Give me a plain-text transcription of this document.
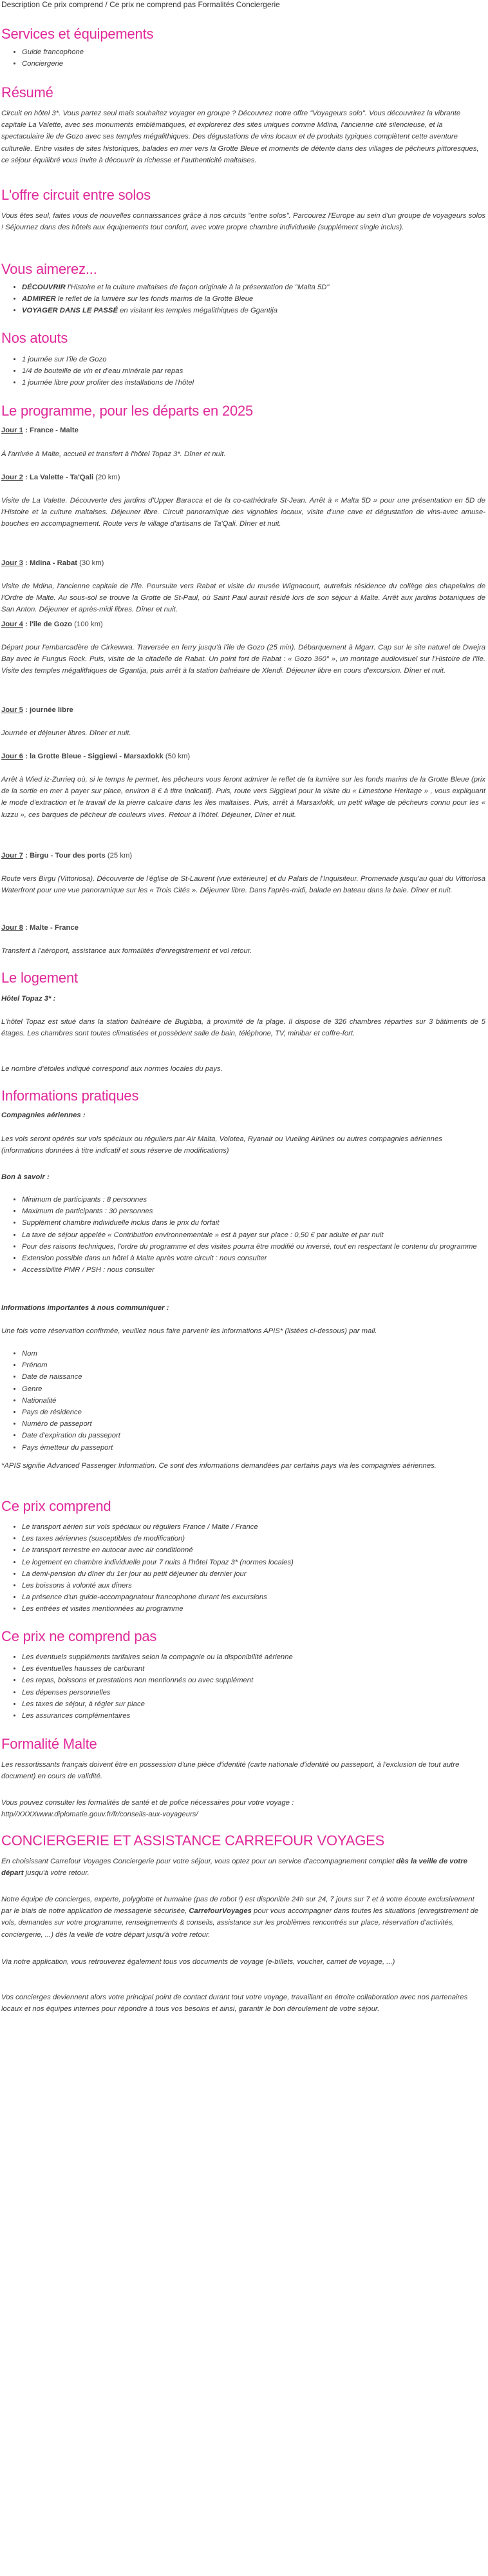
Description Ce prix comprend / Ce prix ne comprend pas Formalités Conciergerie
Services et équipements
• Guide francophone
• Conciergerie
Résumé

Circuit en hôtel 3*. Vous partez seul mais souhaitez voyager en groupe ? Découvrez notre offre "Voyageurs solo". Vous découvrirez la vibrante capitale La Valette, avec ses monuments emblématiques, et explorerez des sites uniques comme Mdina, l'ancienne cité silencieuse, et la spectaculaire île de Gozo avec ses temples mégalithiques. Des dégustations de vins locaux et de produits typiques complètent cette aventure culturelle. Entre visites de sites historiques, balades en mer vers la Grotte Bleue et moments de détente dans des villages de pêcheurs pittoresques, ce séjour équilibré vous invite à découvrir la richesse et l'authenticité maltaises.

L'offre circuit entre solos

Vous êtes seul, faites vous de nouvelles connaissances grâce à nos circuits "entre solos". Parcourez l'Europe au sein d'un groupe de voyageurs solos ! Séjournez dans des hôtels aux équipements tout confort, avec votre propre chambre individuelle (supplément single inclus).

Vous aimerez...
• DÉCOUVRIR l'Histoire et la culture maltaises de façon originale à la présentation de "Malta 5D"
• ADMIRER le reflet de la lumière sur les fonds marins de la Grotte Bleue
• VOYAGER DANS LE PASSÉ en visitant les temples mégalithiques de Ggantija
Nos atouts
• 1 journée sur l'île de Gozo
• 1/4 de bouteille de vin et d'eau minérale par repas
• 1 journée libre pour profiter des installations de l'hôtel
Le programme, pour les départs en 2025

Jour 1 : France - Malte

À l'arrivée à Malte, accueil et transfert à l'hôtel Topaz 3*. Dîner et nuit.

Jour 2 : La Valette - Ta'Qali (20 km)

Visite de La Valette. Découverte des jardins d'Upper Baracca et de la co-cathédrale St-Jean. Arrêt à « Malta 5D » pour une présentation en 5D de l'Histoire et la culture maltaises. Déjeuner libre. Circuit panoramique des vignobles locaux, visite d'une cave et dégustation de vins-avec amuse-bouches en accompagnement. Route vers le village d'artisans de Ta'Qali. Dîner et nuit.

Jour 3 : Mdina - Rabat (30 km)

Visite de Mdina, l'ancienne capitale de l'île. Poursuite vers Rabat et visite du musée Wignacourt, autrefois résidence du collège des chapelains de l'Ordre de Malte. Au sous-sol se trouve la Grotte de St-Paul, où Saint Paul aurait résidé lors de son séjour à Malte. Arrêt aux jardins botaniques de San Anton. Déjeuner et après-midi libres. Dîner et nuit.

Jour 4 : l'île de Gozo (100 km)

Départ pour l'embarcadère de Cirkewwa. Traversée en ferry jusqu'à l'île de Gozo (25 min). Débarquement à Mgarr. Cap sur le site naturel de Dwejra Bay avec le Fungus Rock. Puis, visite de la citadelle de Rabat. Un point fort de Rabat : « Gozo 360° », un montage audiovisuel sur l'Histoire de l'île. Visite des temples mégalithiques de Ggantija, puis arrêt à la station balnéaire de Xlendi. Déjeuner libre en cours d'excursion. Dîner et nuit.

Jour 5 : journée libre

Journée et déjeuner libres. Dîner et nuit.

Jour 6 : la Grotte Bleue - Siggiewi - Marsaxlokk (50 km)

Arrêt à Wied iz-Zurrieq où, si le temps le permet, les pêcheurs vous feront admirer le reflet de la lumière sur les fonds marins de la Grotte Bleue (prix de la sortie en mer à payer sur place, environ 8 € à titre indicatif). Puis, route vers Siggiewi pour la visite du « Limestone Heritage » , vous expliquant le mode d'extraction et le travail de la pierre calcaire dans les îles maltaises. Puis, arrêt à Marsaxlokk, un petit village de pêcheurs connu pour les « luzzu », ces barques de pêcheur de couleurs vives. Retour à l'hôtel. Déjeuner, Dîner et nuit.

Jour 7 : Birgu - Tour des ports (25 km)

Route vers Birgu (Vittoriosa). Découverte de l'église de St-Laurent (vue extérieure) et du Palais de l'Inquisiteur. Promenade jusqu'au quai du Vittoriosa Waterfront pour une vue panoramique sur les « Trois Cités ». Déjeuner libre. Dans l'après-midi, balade en bateau dans la baie. Dîner et nuit.

Jour 8 : Malte - France

Transfert à l'aéroport, assistance aux formalités d'enregistrement et vol retour.

Le logement

Hôtel Topaz 3* :

L'hôtel Topaz est situé dans la station balnéaire de Bugibba, à proximité de la plage. Il dispose de 326 chambres réparties sur 3 bâtiments de 5 étages. Les chambres sont toutes climatisées et possèdent salle de bain, téléphone, TV, minibar et coffre-fort.

Le nombre d'étoiles indiqué correspond aux normes locales du pays.

Informations pratiques

Compagnies aériennes :

Les vols seront opérés sur vols spéciaux ou réguliers par Air Malta, Volotea, Ryanair ou Vueling Airlines ou autres compagnies aériennes (informations données à titre indicatif et sous réserve de modifications)

Bon à savoir :

• Minimum de participants : 8 personnes
• Maximum de participants : 30 personnes
• Supplément chambre individuelle inclus dans le prix du forfait
• La taxe de séjour appelée « Contribution environnementale » est à payer sur place : 0,50 € par adulte et par nuit
• Pour des raisons techniques, l'ordre du programme et des visites pourra être modifié ou inversé, tout en respectant le contenu du programme
• Extension possible dans un hôtel à Malte après votre circuit : nous consulter
• Accessibilité PMR / PSH : nous consulter

Informations importantes à nous communiquer :

Une fois votre réservation confirmée, veuillez nous faire parvenir les informations APIS* (listées ci-dessous) par mail.

• Nom
• Prénom
• Date de naissance
• Genre
• Nationalité
• Pays de résidence
• Numéro de passeport
• Date d'expiration du passeport
• Pays émetteur du passeport

*APIS signifie Advanced Passenger Information. Ce sont des informations demandées par certains pays via les compagnies aériennes.

Ce prix comprend
• Le transport aérien sur vols spéciaux ou réguliers France / Malte / France
• Les taxes aériennes (susceptibles de modification)
• Le transport terrestre en autocar avec air conditionné
• Le logement en chambre individuelle pour 7 nuits à l'hôtel Topaz 3* (normes locales)
• La demi-pension du dîner du 1er jour au petit déjeuner du dernier jour
• Les boissons à volonté aux dîners
• La présence d'un guide-accompagnateur francophone durant les excursions
• Les entrées et visites mentionnées au programme
Ce prix ne comprend pas
• Les éventuels suppléments tarifaires selon la compagnie ou la disponibilité aérienne
• Les éventuelles hausses de carburant
• Les repas, boissons et prestations non mentionnés ou avec supplément
• Les dépenses personnelles
• Les taxes de séjour, à régler sur place
• Les assurances complémentaires
Formalité Malte

Les ressortissants français doivent être en possession d'une pièce d'identité (carte nationale d'identité ou passeport, à l'exclusion de tout autre document) en cours de validité.

Vous pouvez consulter les formalités de santé et de police nécessaires pour votre voyage :

http//XXXXwww.diplomatie.gouv.fr/fr/conseils-aux-voyageurs/

CONCIERGERIE ET ASSISTANCE CARREFOUR VOYAGES

En choisissant Carrefour Voyages Conciergerie pour votre séjour, vous optez pour un service d'accompagnement complet dès la veille de votre départ jusqu'à votre retour.

Notre équipe de concierges, experte, polyglotte et humaine (pas de robot !) est disponible 24h sur 24, 7 jours sur 7 et à votre écoute exclusivement par le biais de notre application de messagerie sécurisée, CarrefourVoyages pour vous accompagner dans toutes les situations (enregistrement de vols, demandes sur votre programme, renseignements & conseils, assistance sur les problèmes rencontrés sur place, réservation d'activités, conciergerie, ...) dès la veille de votre départ jusqu'à votre retour.

Via notre application, vous retrouverez également tous vos documents de voyage (e-billets, voucher, carnet de voyage, ...)

Vos concierges deviennent alors votre principal point de contact durant tout votre voyage, travaillant en étroite collaboration avec nos partenaires locaux et nos équipes internes pour répondre à tous vos besoins et ainsi, garantir le bon déroulement de votre séjour.
